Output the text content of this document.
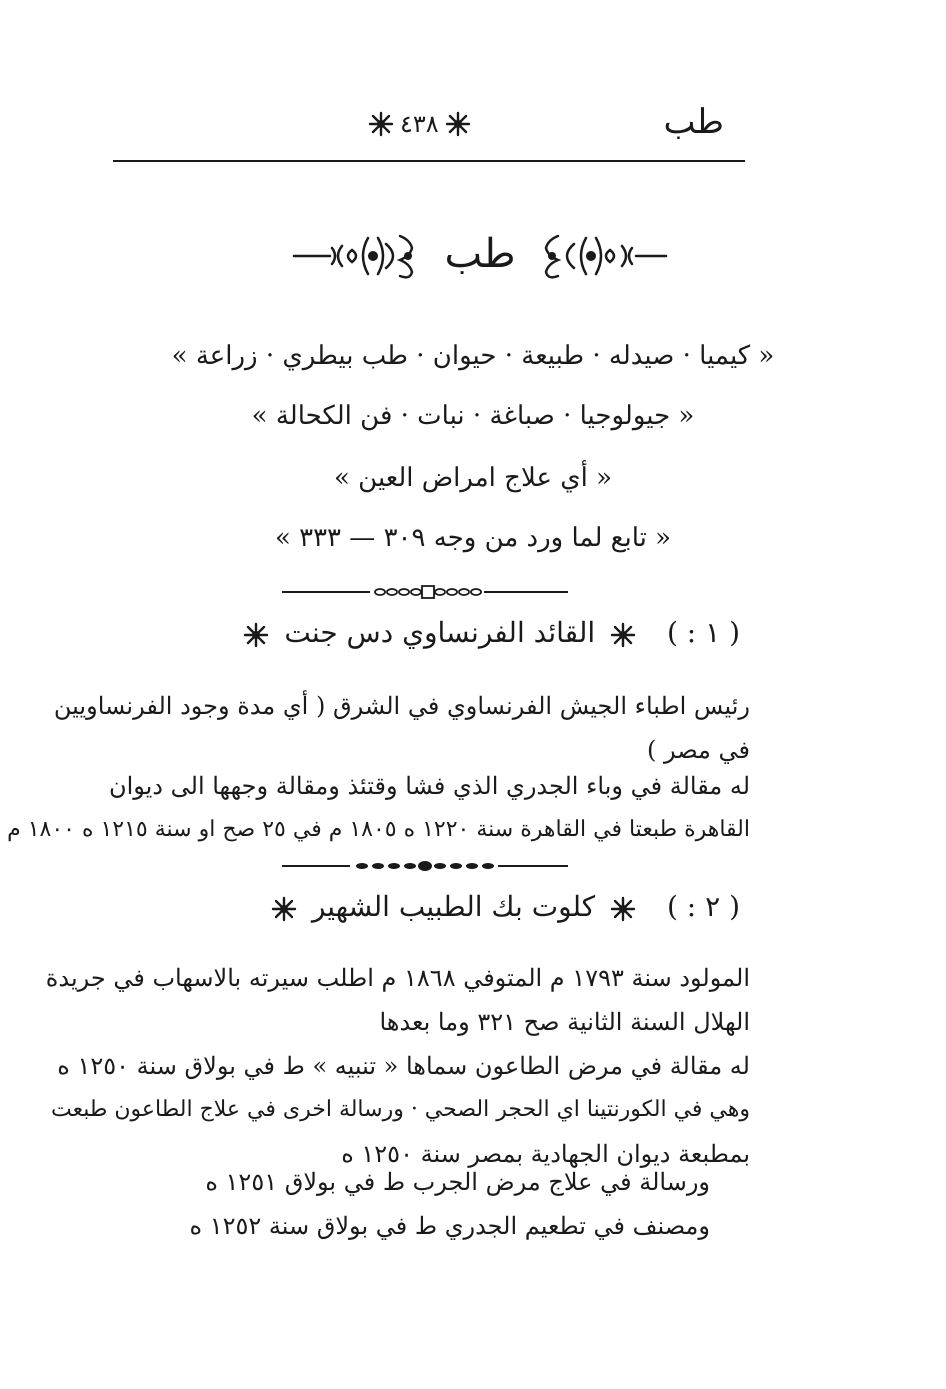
طب
٤٣٨
طب
« كيميا · صيدله · طبيعة · حيوان · طب بيطري · زراعة »
« جيولوجيا · صباغة · نبات · فن الكحالة »
« أي علاج امراض العين »
« تابع لما ورد من وجه ٣٠٩ — ٣٣٣ »
( ١ : )  القائد الفرنساوي دس جنت
رئيس اطباء الجيش الفرنساوي في الشرق ( أي مدة وجود الفرنساويين
في مصر )
له مقالة في وباء الجدري الذي فشا وقتئذ ومقالة وجهها الى ديوان
القاهرة طبعتا في القاهرة سنة ١٢٢٠ ه ١٨٠٥ م في ٢٥ صح او سنة ١٢١٥ ه ١٨٠٠ م
( ٢ : )  كلوت بك الطبيب الشهير
المولود سنة ١٧٩٣ م المتوفي ١٨٦٨ م اطلب سيرته بالاسهاب في جريدة
الهلال السنة الثانية صح ٣٢١ وما بعدها
له مقالة في مرض الطاعون سماها « تنبيه » ط في بولاق سنة ١٢٥٠ ه
وهي في الكورنتينا اي الحجر الصحي · ورسالة اخرى في علاج الطاعون طبعت
بمطبعة ديوان الجهادية بمصر سنة ١٢٥٠ ه
ورسالة في علاج مرض الجرب ط في بولاق ١٢٥١ ه
ومصنف في تطعيم الجدري ط في بولاق سنة ١٢٥٢ ه
